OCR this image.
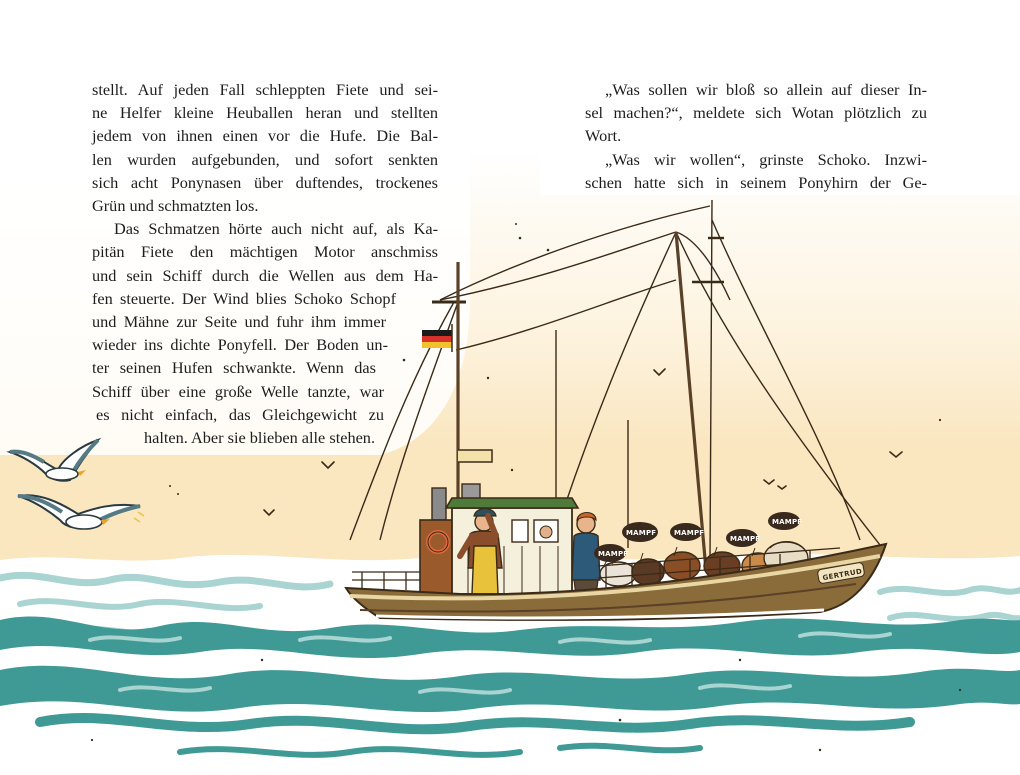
stellt. Auf jeden Fall schleppten Fiete und sei-
ne Helfer kleine Heuballen heran und stellten
jedem von ihnen einen vor die Hufe. Die Bal-
len wurden aufgebunden, und sofort senkten
sich acht Ponynasen über duftendes, trockenes
Grün und schmatzten los.
Das Schmatzen hörte auch nicht auf, als Ka-
pitän Fiete den mächtigen Motor anschmiss
und sein Schiff durch die Wellen aus dem Ha-
fen steuerte. Der Wind blies Schoko Schopf
und Mähne zur Seite und fuhr ihm immer
wieder ins dichte Ponyfell. Der Boden un-
ter seinen Hufen schwankte. Wenn das
Schiff über eine große Welle tanzte, war
es nicht einfach, das Gleichgewicht zu
halten. Aber sie blieben alle stehen.
„Was sollen wir bloß so allein auf dieser In-
sel machen?“, meldete sich Wotan plötzlich zu
Wort.
„Was wir wollen“, grinste Schoko. Inzwi-
schen hatte sich in seinem Ponyhirn der Ge-
GERTRUD
MAMPF
MAMPF	MAMPF
MAMPF
MAMPF
